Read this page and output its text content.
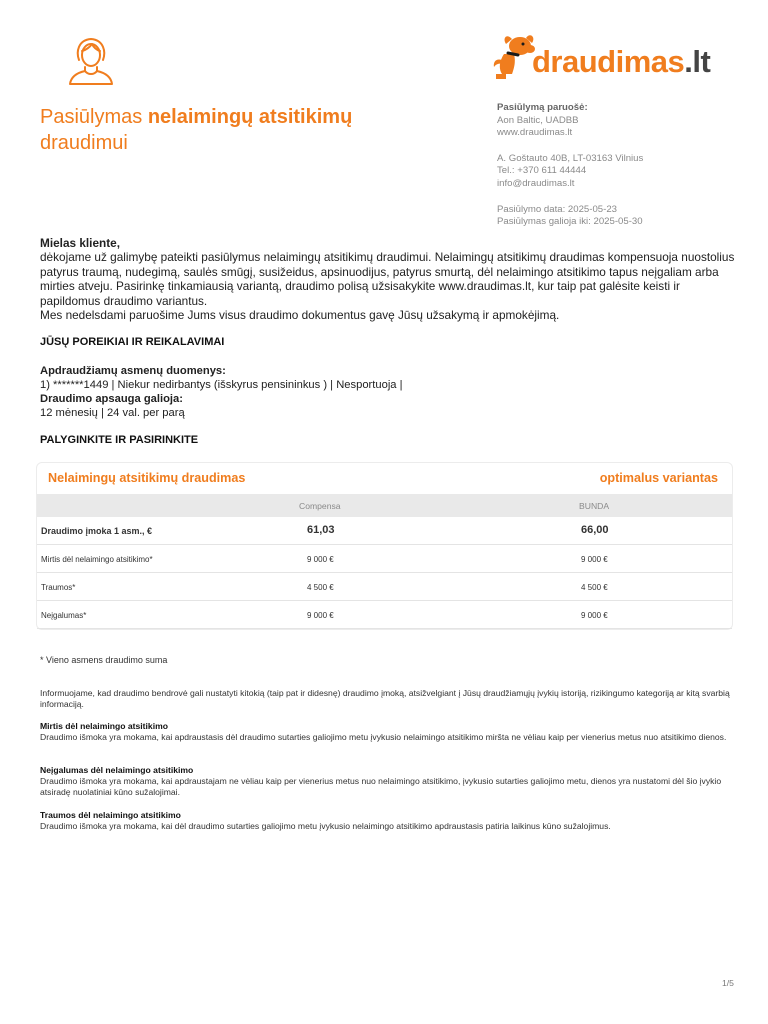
draudimas.lt
Pasiūlymas nelaimingų atsitikimų
draudimui
Pasiūlymą paruošė:
Aon Baltic, UADBB
www.draudimas.lt
A. Goštauto 40B, LT-03163 Vilnius
Tel.: +370 611 44444
info@draudimas.lt
Pasiūlymo data: 2025-05-23
Pasiūlymas galioja iki: 2025-05-30
Mielas kliente,
dėkojame už galimybę pateikti pasiūlymus nelaimingų atsitikimų draudimui. Nelaimingų atsitikimų draudimas kompensuoja nuostolius patyrus traumą, nudegimą, saulės smūgį, susižeidus, apsinuodijus, patyrus smurtą, dėl nelaimingo atsitikimo tapus neįgaliam arba mirties atveju. Pasirinkę tinkamiausią variantą, draudimo polisą užsisakykite www.draudimas.lt, kur taip pat galėsite keisti ir papildomus draudimo variantus.
Mes nedelsdami paruošime Jums visus draudimo dokumentus gavę Jūsų užsakymą ir apmokėjimą.
JŪSŲ POREIKIAI IR REIKALAVIMAI
Apdraudžiamų asmenų duomenys:
1) *******1449 | Niekur nedirbantys (išskyrus pensininkus ) | Nesportuoja |
Draudimo apsauga galioja:
12 mėnesių | 24 val. per parą
PALYGINKITE IR PASIRINKITE
Nelaimingų atsitikimų draudimas	optimalus variantas
Compensa	BUNDA
Draudimo įmoka 1 asm., €	61,03	66,00
Mirtis dėl nelaimingo atsitikimo*	9 000 €	9 000 €
Traumos*	4 500 €	4 500 €
Neįgalumas*	9 000 €	9 000 €
* Vieno asmens draudimo suma
Informuojame, kad draudimo bendrovė gali nustatyti kitokią (taip pat ir didesnę) draudimo įmoką, atsižvelgiant į Jūsų draudžiamųjų įvykių istoriją, rizikingumo kategoriją ar kitą svarbią informaciją.
Mirtis dėl nelaimingo atsitikimo
Draudimo išmoka yra mokama, kai apdraustasis dėl draudimo sutarties galiojimo metu įvykusio nelaimingo atsitikimo miršta ne vėliau kaip per vienerius metus nuo atsitikimo dienos.
Neįgalumas dėl nelaimingo atsitikimo
Draudimo išmoka yra mokama, kai apdraustajam ne vėliau kaip per vienerius metus nuo nelaimingo atsitikimo, įvykusio sutarties galiojimo metu, dienos yra nustatomi dėl šio įvykio atsiradę nuolatiniai kūno sužalojimai.
Traumos dėl nelaimingo atsitikimo
Draudimo išmoka yra mokama, kai dėl draudimo sutarties galiojimo metu įvykusio nelaimingo atsitikimo apdraustasis patiria laikinus kūno sužalojimus.
1/5
